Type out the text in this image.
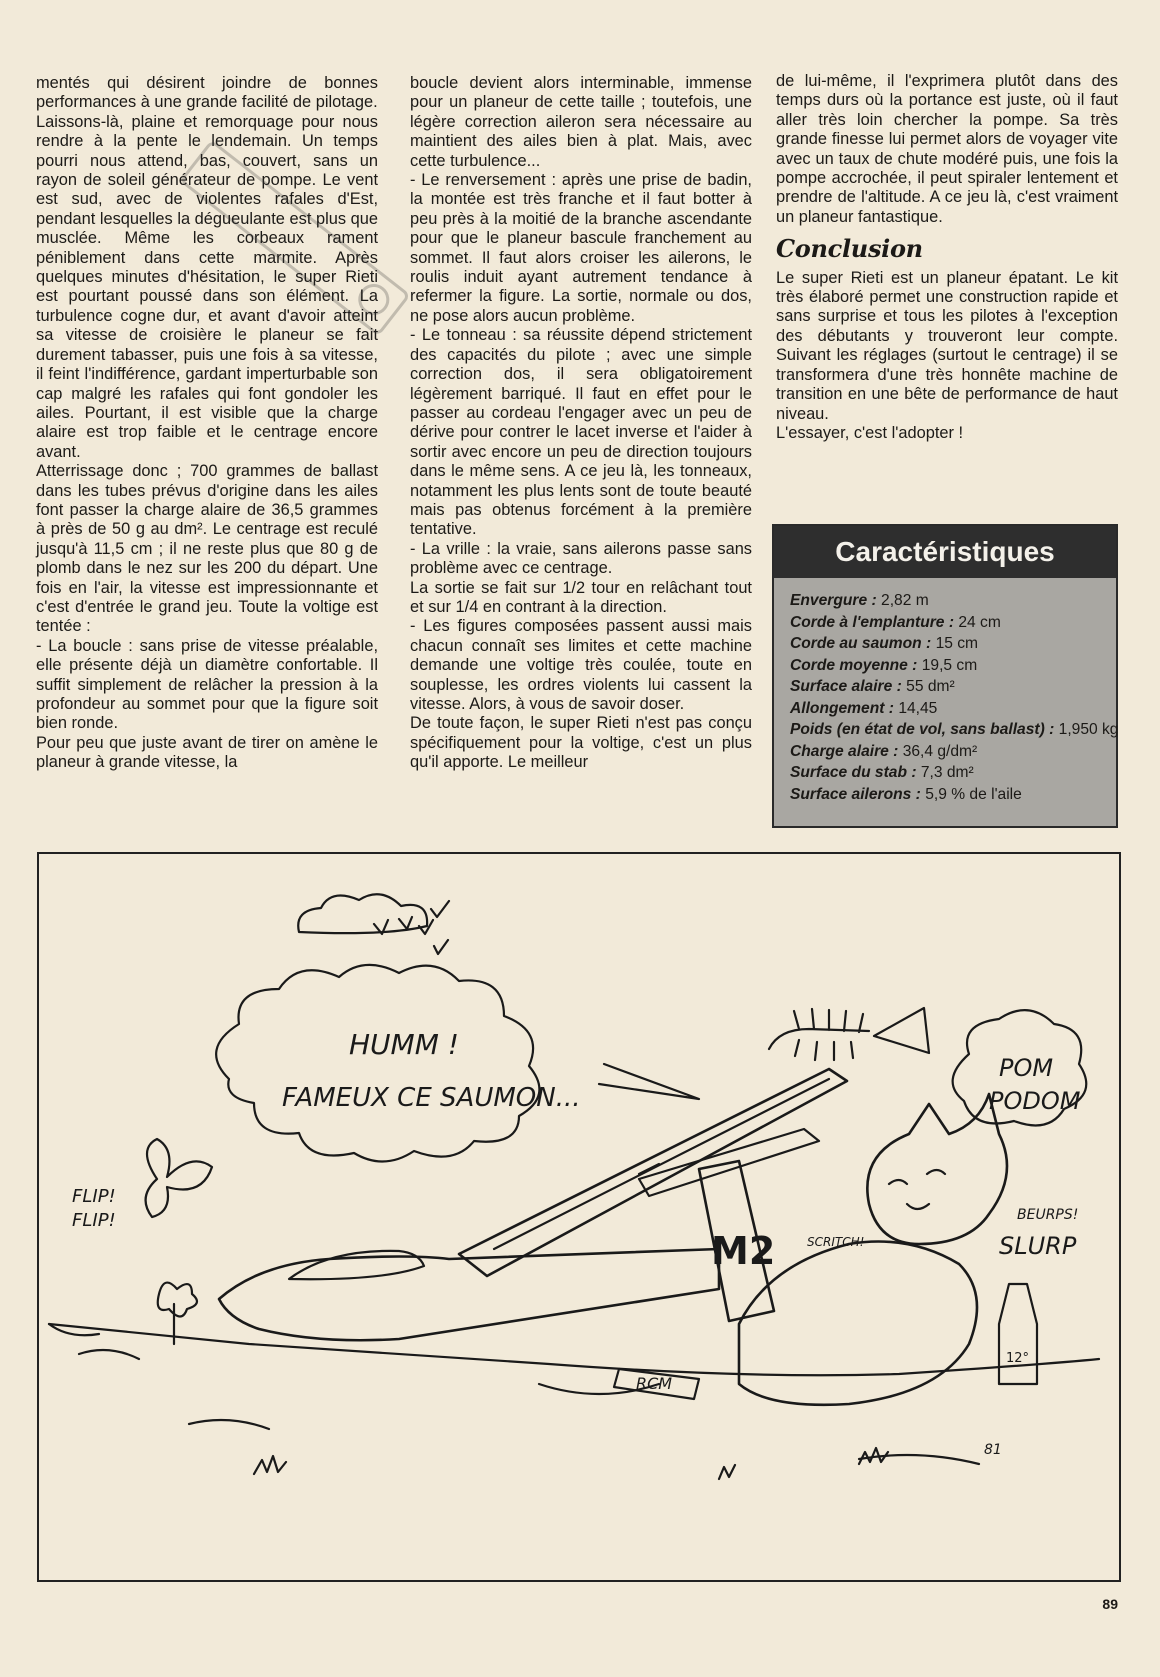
mentés qui désirent joindre de bonnes performances à une grande facilité de pilotage.

Laissons-là, plaine et remorquage pour nous rendre à la pente le lendemain. Un temps pourri nous attend, bas, couvert, sans un rayon de soleil générateur de pompe. Le vent est sud, avec de violentes rafales d'Est, pendant lesquelles la dégueulante est plus que musclée. Même les corbeaux rament péniblement dans cette marmite. Après quelques minutes d'hésitation, le super Rieti est pourtant poussé dans son élément. La turbulence cogne dur, et avant d'avoir atteint sa vitesse de croisière le planeur se fait durement tabasser, puis une fois à sa vitesse, il feint l'indifférence, gardant imperturbable son cap malgré les rafales qui font gondoler les ailes. Pourtant, il est visible que la charge alaire est trop faible et le centrage encore avant.

Atterrissage donc ; 700 grammes de ballast dans les tubes prévus d'origine dans les ailes font passer la charge alaire de 36,5 grammes à près de 50 g au dm². Le centrage est reculé jusqu'à 11,5 cm ; il ne reste plus que 80 g de plomb dans le nez sur les 200 du départ. Une fois en l'air, la vitesse est impressionnante et c'est d'entrée le grand jeu. Toute la voltige est tentée :

- La boucle : sans prise de vitesse préalable, elle présente déjà un diamètre confortable. Il suffit simplement de relâcher la pression à la profondeur au sommet pour que la figure soit bien ronde.

Pour peu que juste avant de tirer on amène le planeur à grande vitesse, la

boucle devient alors interminable, immense pour un planeur de cette taille ; toutefois, une légère correction aileron sera nécessaire au maintient des ailes bien à plat. Mais, avec cette turbulence...

- Le renversement : après une prise de badin, la montée est très franche et il faut botter à peu près à la moitié de la branche ascendante pour que le planeur bascule franchement au sommet. Il faut alors croiser les ailerons, le roulis induit ayant autrement tendance à refermer la figure. La sortie, normale ou dos, ne pose alors aucun problème.

- Le tonneau : sa réussite dépend strictement des capacités du pilote ; avec une simple correction dos, il sera obligatoirement légèrement barriqué. Il faut en effet pour le passer au cordeau l'engager avec un peu de dérive pour contrer le lacet inverse et l'aider à sortir avec encore un peu de direction toujours dans le même sens. A ce jeu là, les tonneaux, notamment les plus lents sont de toute beauté mais pas obtenus forcément à la première tentative.

- La vrille : la vraie, sans ailerons passe sans problème avec ce centrage.

La sortie se fait sur 1/2 tour en relâchant tout et sur 1/4 en contrant à la direction.

- Les figures composées passent aussi mais chacun connaît ses limites et cette machine demande une voltige très coulée, toute en souplesse, les ordres violents lui cassent la vitesse. Alors, à vous de savoir doser.

De toute façon, le super Rieti n'est pas conçu spécifiquement pour la voltige, c'est un plus qu'il apporte. Le meilleur

de lui-même, il l'exprimera plutôt dans des temps durs où la portance est juste, où il faut aller très loin chercher la pompe. Sa très grande finesse lui permet alors de voyager vite avec un taux de chute modéré puis, une fois la pompe accrochée, il peut spiraler lentement et prendre de l'altitude. A ce jeu là, c'est vraiment un planeur fantastique.

Conclusion

Le super Rieti est un planeur épatant. Le kit très élaboré permet une construction rapide et sans surprise et tous les pilotes à l'exception des débutants y trouveront leur compte. Suivant les réglages (surtout le centrage) il se transformera d'une très honnête machine de transition en une bête de performance de haut niveau.

L'essayer, c'est l'adopter !

Caractéristiques
Envergure : 2,82 m
Corde à l'emplanture : 24 cm
Corde au saumon : 15 cm
Corde moyenne : 19,5 cm
Surface alaire : 55 dm²
Allongement : 14,45
Poids (en état de vol, sans ballast) : 1,950 kg
Charge alaire : 36,4 g/dm²
Surface du stab : 7,3 dm²
Surface ailerons : 5,9 % de l'aile
HUMM !
FAMEUX CE SAUMON...
POM
PODOM
FLIP!
FLIP!
M2	SCRITCH!
BEURPS!
SLURP
RCM
81
12°
89
